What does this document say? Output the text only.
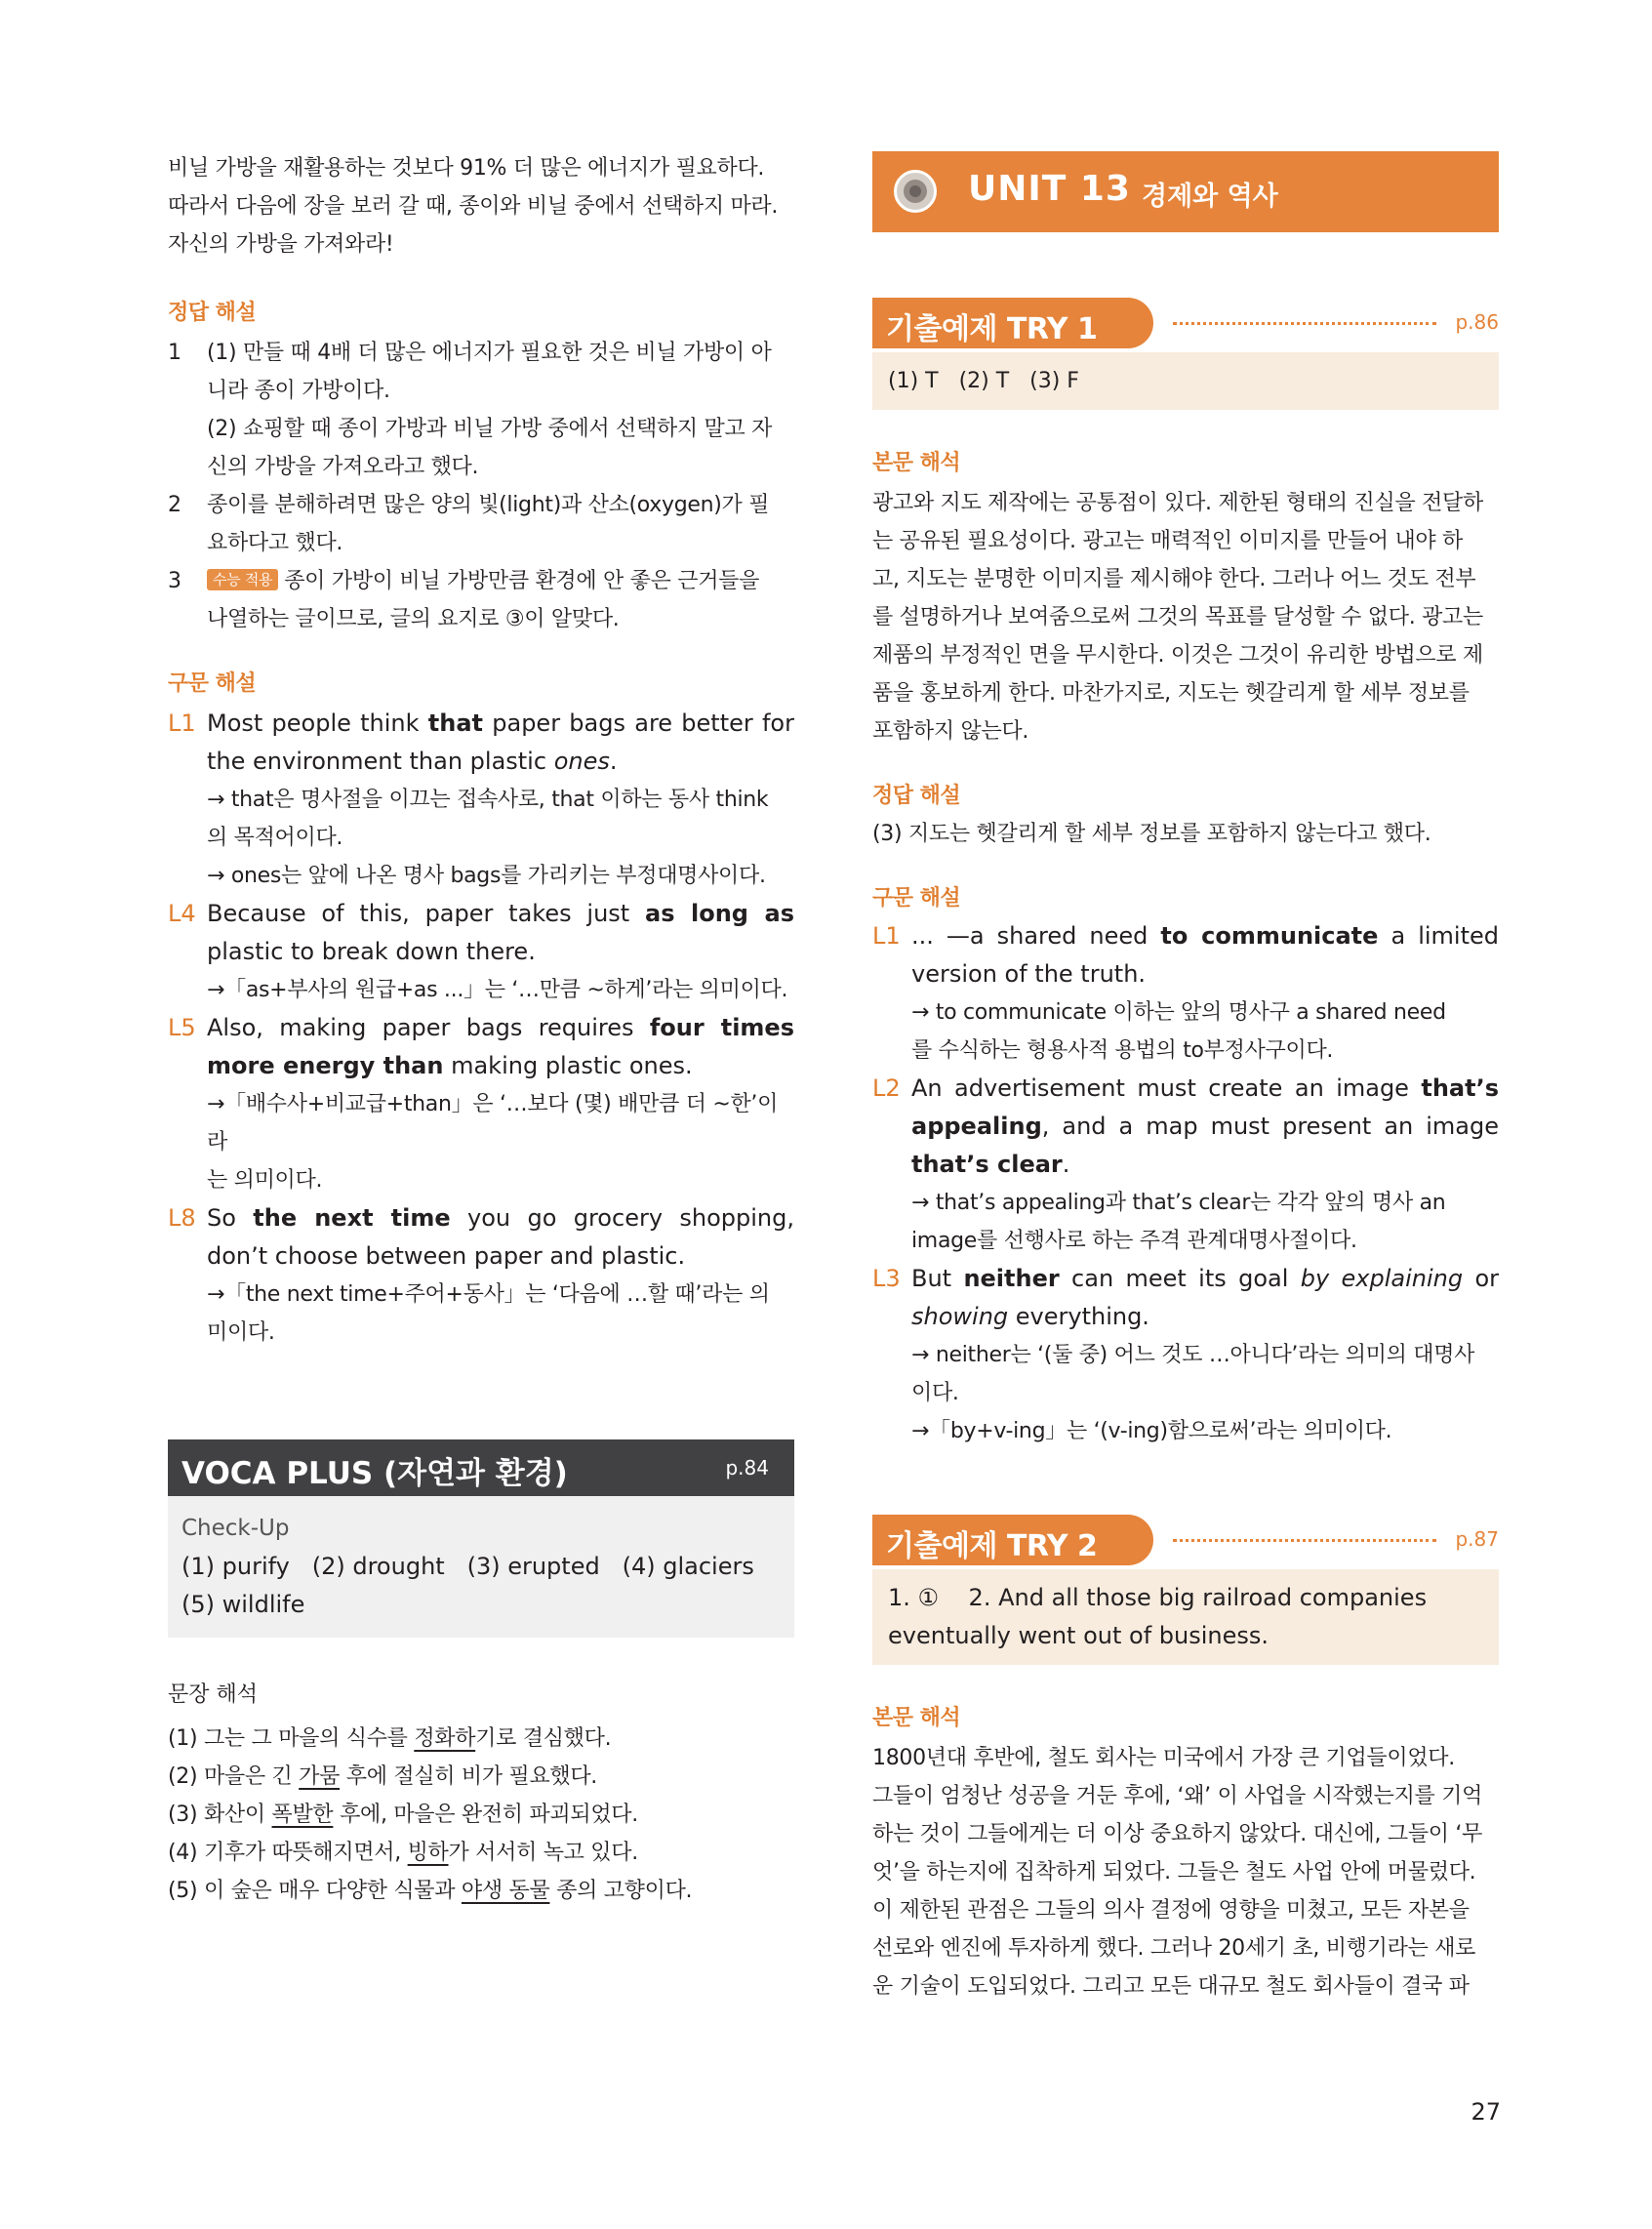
비닐 가방을 재활용하는 것보다 91% 더 많은 에너지가 필요하다.

따라서 다음에 장을 보러 갈 때, 종이와 비닐 중에서 선택하지 마라.

자신의 가방을 가져와라!

정답 해설
1 (1) 만들 때 4배 더 많은 에너지가 필요한 것은 비닐 가방이 아
니라 종이 가방이다.
(2) 쇼핑할 때 종이 가방과 비닐 가방 중에서 선택하지 말고 자
신의 가방을 가져오라고 했다.
2 종이를 분해하려면 많은 양의 빛(light)과 산소(oxygen)가 필
요하다고 했다.
3	수능 적용 종이 가방이 비닐 가방만큼 환경에 안 좋은 근거들을
나열하는 글이므로, 글의 요지로 ③이 알맞다.
구문 해설
L1 Most people think that paper bags are better for the environment than plastic ones.
→ that은 명사절을 이끄는 접속사로, that 이하는 동사 think
의 목적어이다.
→ ones는 앞에 나온 명사 bags를 가리키는 부정대명사이다.
L4 Because of this, paper takes just as long as plastic to break down there.
→「as+부사의 원급+as ...」는 ‘…만큼 ~하게’라는 의미이다.
L5 Also, making paper bags requires four times more energy than making plastic ones.
→「배수사+비교급+than」은 ‘…보다 (몇) 배만큼 더 ~한’이라
는 의미이다.
L8 So the next time you go grocery shopping, don’t choose between paper and plastic.
→「the next time+주어+동사」는 ‘다음에 …할 때’라는 의
미이다.
VOCA PLUS (자연과 환경)	p.84
Check-Up
(1) purify (2) drought (3) erupted (4) glaciers
(5) wildlife
문장 해석

(1) 그는 그 마을의 식수를 정화하기로 결심했다.

(2) 마을은 긴 가뭄 후에 절실히 비가 필요했다.

(3) 화산이 폭발한 후에, 마을은 완전히 파괴되었다.

(4) 기후가 따뜻해지면서, 빙하가 서서히 녹고 있다.

(5) 이 숲은 매우 다양한 식물과 야생 동물 종의 고향이다.

UNIT 13 경제와 역사
기출예제 TRY 1	p.86
(1) T   (2) T   (3) F
본문 해석

광고와 지도 제작에는 공통점이 있다. 제한된 형태의 진실을 전달하

는 공유된 필요성이다. 광고는 매력적인 이미지를 만들어 내야 하

고, 지도는 분명한 이미지를 제시해야 한다. 그러나 어느 것도 전부

를 설명하거나 보여줌으로써 그것의 목표를 달성할 수 없다. 광고는

제품의 부정적인 면을 무시한다. 이것은 그것이 유리한 방법으로 제

품을 홍보하게 한다. 마찬가지로, 지도는 헷갈리게 할 세부 정보를

포함하지 않는다.

정답 해설

(3) 지도는 헷갈리게 할 세부 정보를 포함하지 않는다고 했다.

구문 해설
L1 ... —a shared need to communicate a limited version of the truth.
→ to communicate 이하는 앞의 명사구 a shared need
를 수식하는 형용사적 용법의 to부정사구이다.
L2 An advertisement must create an image that’s appealing, and a map must present an image that’s clear.
→ that’s appealing과 that’s clear는 각각 앞의 명사 an
image를 선행사로 하는 주격 관계대명사절이다.
L3 But neither can meet its goal by explaining or showing everything.
→ neither는 ‘(둘 중) 어느 것도 …아니다’라는 의미의 대명사
이다.
→「by+v-ing」는 ‘(v-ing)함으로써’라는 의미이다.
기출예제 TRY 2	p.87
1. ①    2. And all those big railroad companies
eventually went out of business.
본문 해석

1800년대 후반에, 철도 회사는 미국에서 가장 큰 기업들이었다.

그들이 엄청난 성공을 거둔 후에, ‘왜’ 이 사업을 시작했는지를 기억

하는 것이 그들에게는 더 이상 중요하지 않았다. 대신에, 그들이 ‘무

엇’을 하는지에 집착하게 되었다. 그들은 철도 사업 안에 머물렀다.

이 제한된 관점은 그들의 의사 결정에 영향을 미쳤고, 모든 자본을

선로와 엔진에 투자하게 했다. 그러나 20세기 초, 비행기라는 새로

운 기술이 도입되었다. 그리고 모든 대규모 철도 회사들이 결국 파

27
